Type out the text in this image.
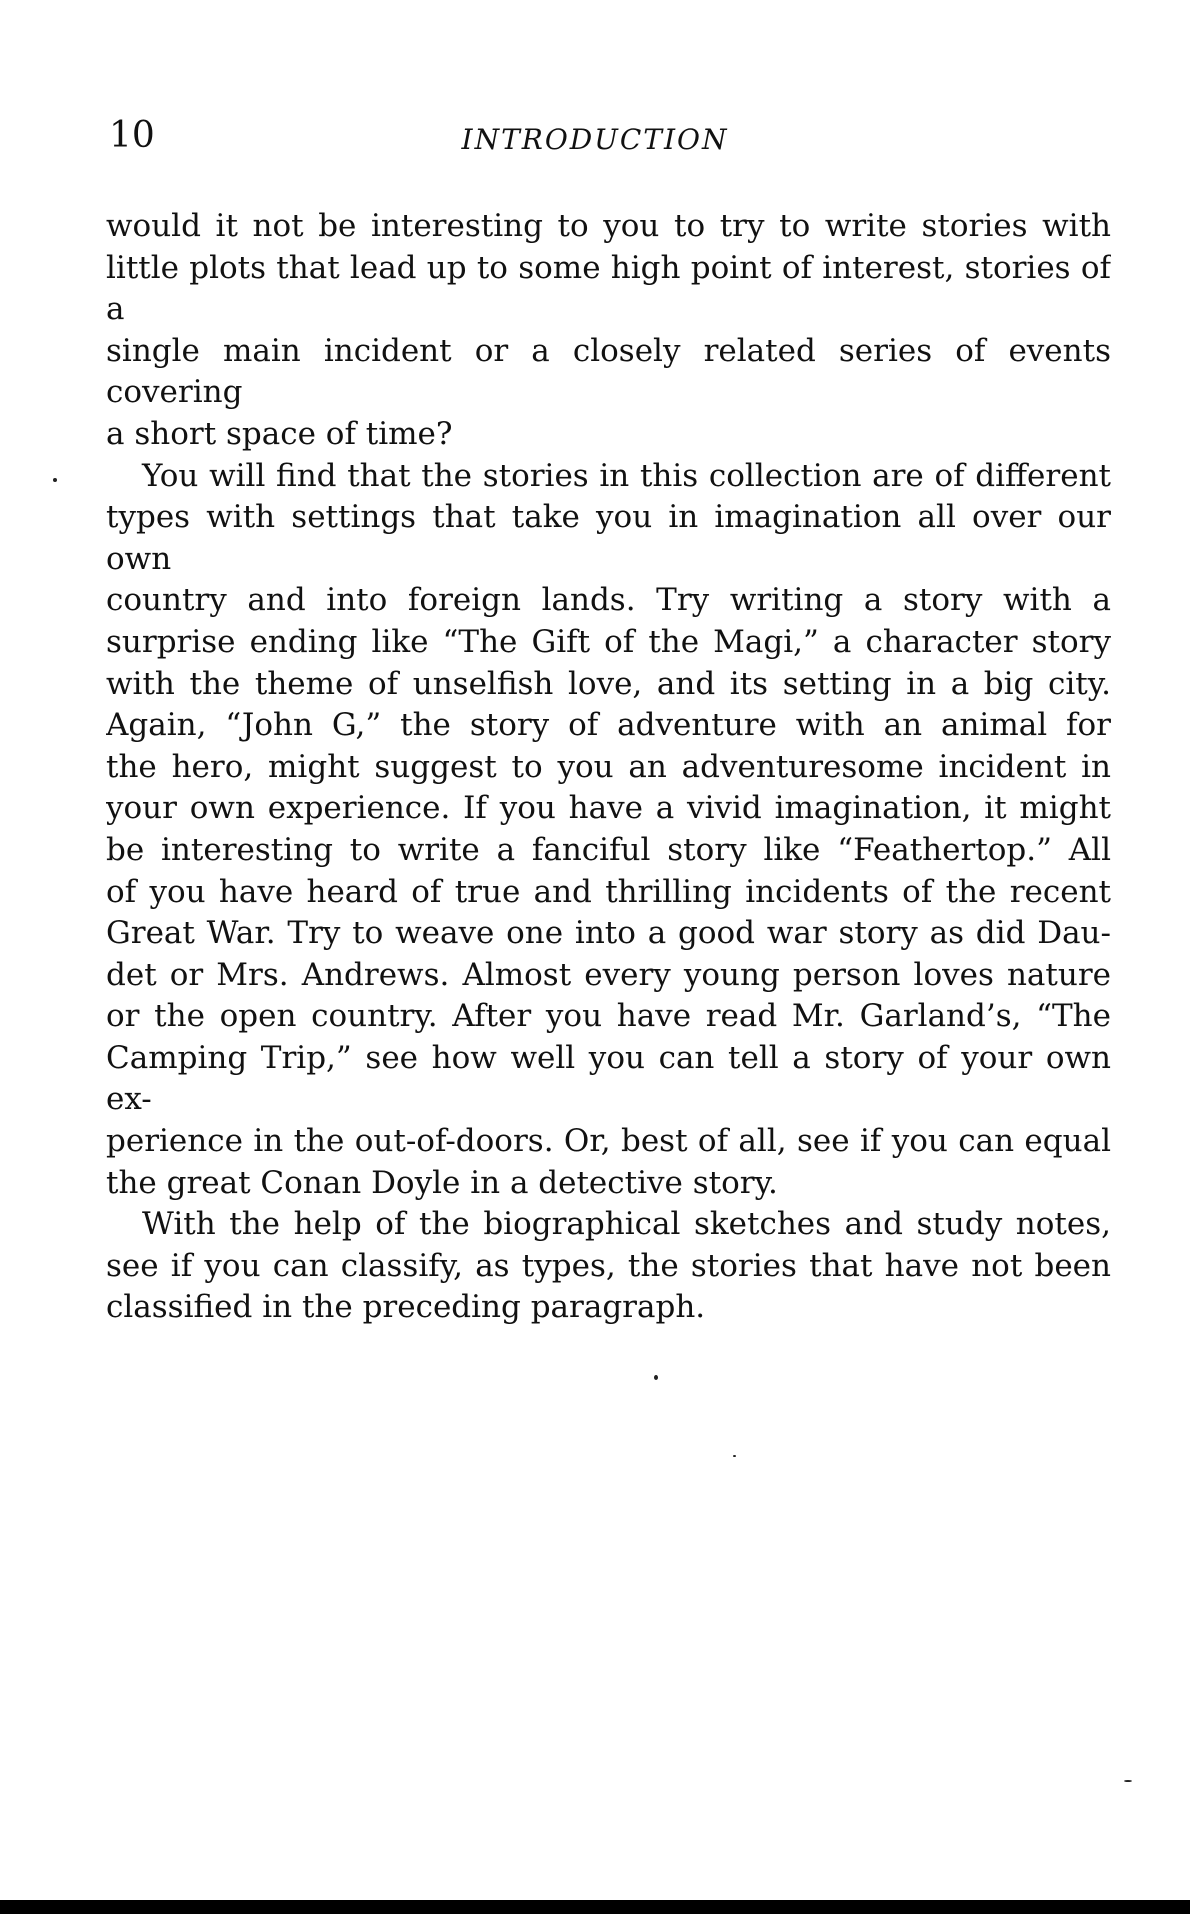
10	INTRODUCTION

would it not be interesting to you to try to write stories with
little plots that lead up to some high point of interest, stories of a
single main incident or a closely related series of events covering
a short space of time?

You will find that the stories in this collection are of different
types with settings that take you in imagination all over our own
country and into foreign lands. Try writing a story with a
surprise ending like “The Gift of the Magi,” a character story
with the theme of unselfish love, and its setting in a big city.
Again, “John G,” the story of adventure with an animal for
the hero, might suggest to you an adventuresome incident in
your own experience. If you have a vivid imagination, it might
be interesting to write a fanciful story like “Feathertop.” All
of you have heard of true and thrilling incidents of the recent
Great War. Try to weave one into a good war story as did Dau-
det or Mrs. Andrews. Almost every young person loves nature
or the open country. After you have read Mr. Garland’s, “The
Camping Trip,” see how well you can tell a story of your own ex-
perience in the out-of-doors. Or, best of all, see if you can equal
the great Conan Doyle in a detective story.

With the help of the biographical sketches and study notes,
see if you can classify, as types, the stories that have not been
classified in the preceding paragraph.
